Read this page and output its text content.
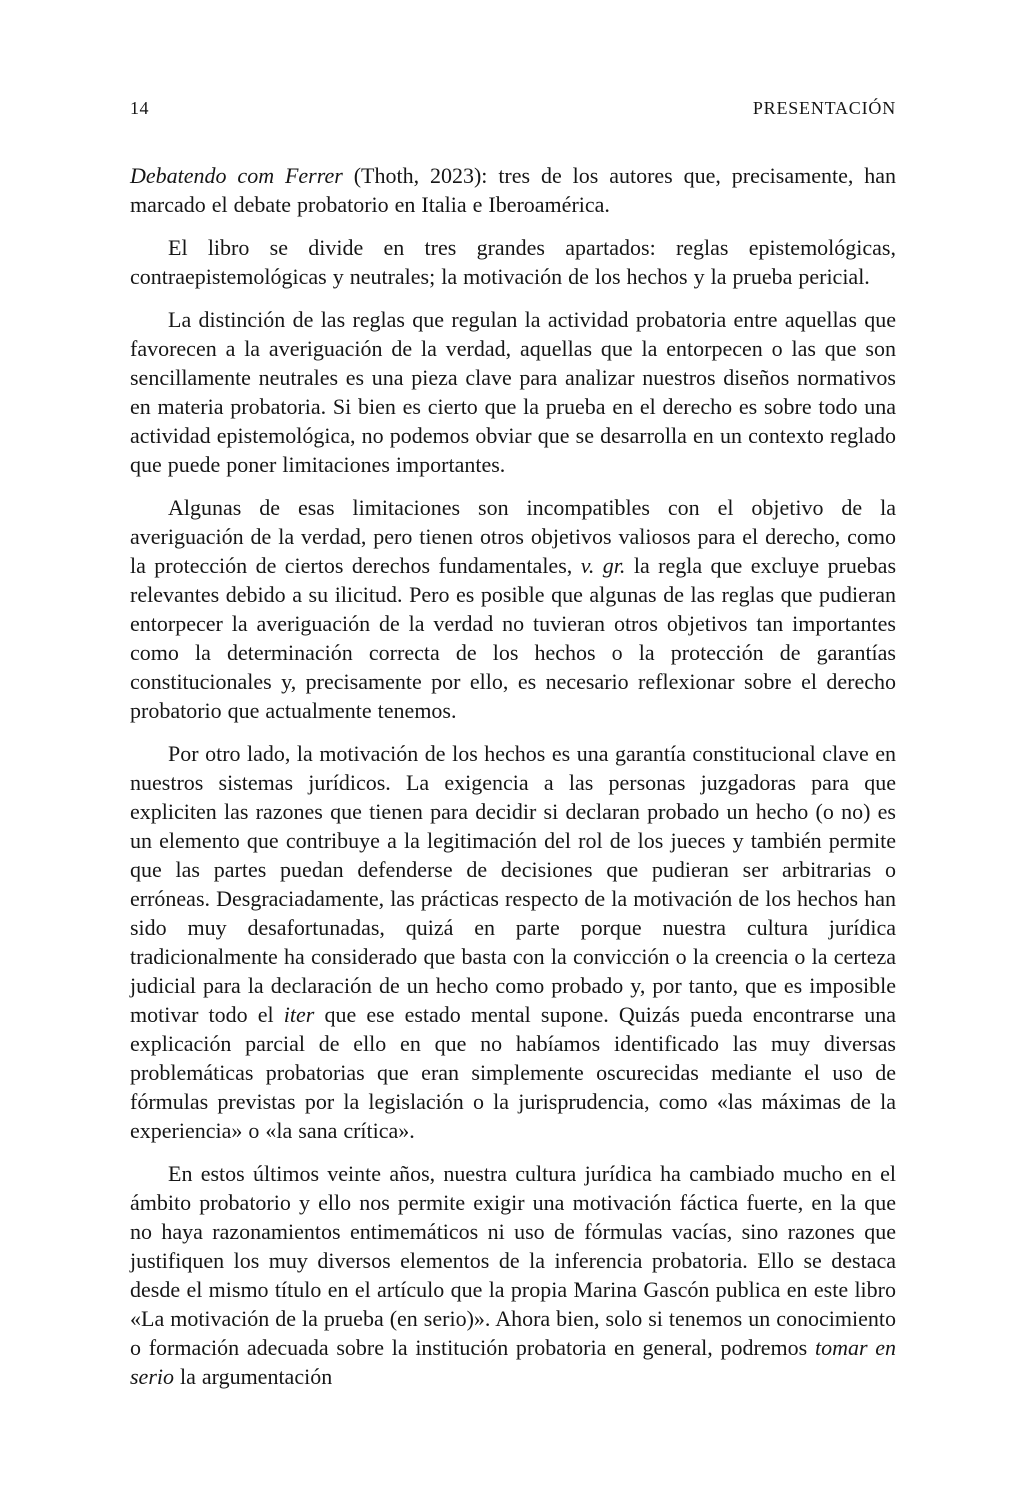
14	PRESENTACIÓN

Debatendo com Ferrer (Thoth, 2023): tres de los autores que, precisamente, han marcado el debate probatorio en Italia e Iberoamérica.

El libro se divide en tres grandes apartados: reglas epistemológicas, contraepistemológicas y neutrales; la motivación de los hechos y la prueba pericial.

La distinción de las reglas que regulan la actividad probatoria entre aquellas que favorecen a la averiguación de la verdad, aquellas que la entorpecen o las que son sencillamente neutrales es una pieza clave para analizar nuestros diseños normativos en materia probatoria. Si bien es cierto que la prueba en el derecho es sobre todo una actividad epistemológica, no podemos obviar que se desarrolla en un contexto reglado que puede poner limitaciones importantes.

Algunas de esas limitaciones son incompatibles con el objetivo de la averiguación de la verdad, pero tienen otros objetivos valiosos para el derecho, como la protección de ciertos derechos fundamentales, v. gr. la regla que excluye pruebas relevantes debido a su ilicitud. Pero es posible que algunas de las reglas que pudieran entorpecer la averiguación de la verdad no tuvieran otros objetivos tan importantes como la determinación correcta de los hechos o la protección de garantías constitucionales y, precisamente por ello, es necesario reflexionar sobre el derecho probatorio que actualmente tenemos.

Por otro lado, la motivación de los hechos es una garantía constitucional clave en nuestros sistemas jurídicos. La exigencia a las personas juzgadoras para que expliciten las razones que tienen para decidir si declaran probado un hecho (o no) es un elemento que contribuye a la legitimación del rol de los jueces y también permite que las partes puedan defenderse de decisiones que pudieran ser arbitrarias o erróneas. Desgraciadamente, las prácticas respecto de la motivación de los hechos han sido muy desafortunadas, quizá en parte porque nuestra cultura jurídica tradicionalmente ha considerado que basta con la convicción o la creencia o la certeza judicial para la declaración de un hecho como probado y, por tanto, que es imposible motivar todo el iter que ese estado mental supone. Quizás pueda encontrarse una explicación parcial de ello en que no habíamos identificado las muy diversas problemáticas probatorias que eran simplemente oscurecidas mediante el uso de fórmulas previstas por la legislación o la jurisprudencia, como «las máximas de la experiencia» o «la sana crítica».

En estos últimos veinte años, nuestra cultura jurídica ha cambiado mucho en el ámbito probatorio y ello nos permite exigir una motivación fáctica fuerte, en la que no haya razonamientos entimemáticos ni uso de fórmulas vacías, sino razones que justifiquen los muy diversos elementos de la inferencia probatoria. Ello se destaca desde el mismo título en el artículo que la propia Marina Gascón publica en este libro «La motivación de la prueba (en serio)». Ahora bien, solo si tenemos un conocimiento o formación adecuada sobre la institución probatoria en general, podremos tomar en serio la argumentación
